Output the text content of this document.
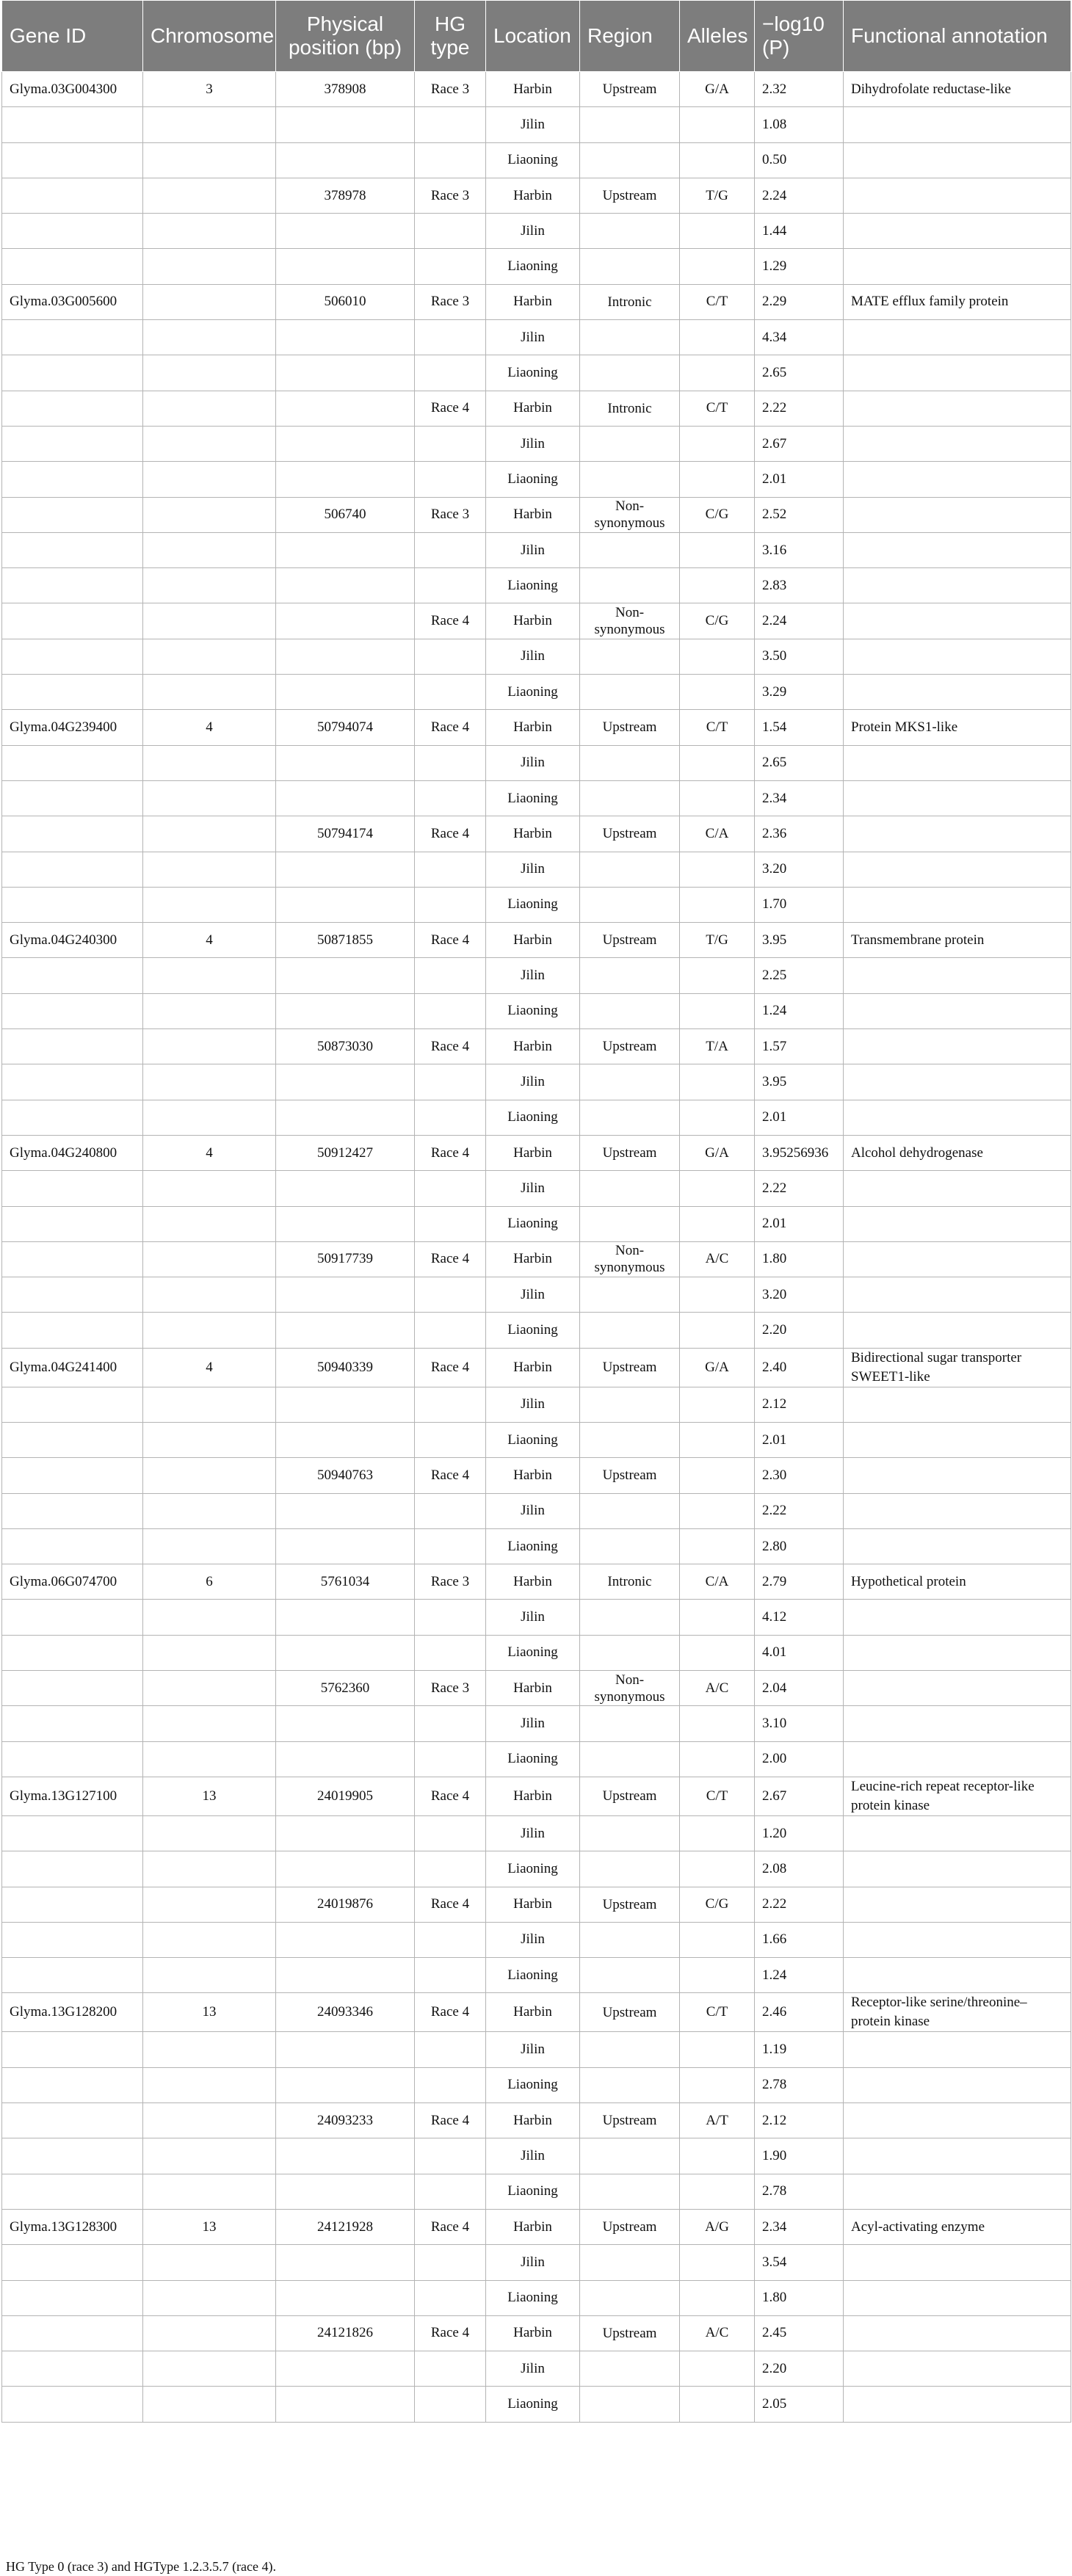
Gene ID	Chromosome	Physical position (bp)	HG type	Location	Region	Alleles	−log10 (P)	Functional annotation
Glyma.03G004300	3	378908	Race 3	Harbin	Upstream	G/A	2.32	Dihydrofolate reductase-like
				Jilin			1.08	
				Liaoning			0.50	
		378978	Race 3	Harbin	Upstream	T/G	2.24	
				Jilin			1.44	
				Liaoning			1.29	
Glyma.03G005600		506010	Race 3	Harbin	Intronic	C/T	2.29	MATE efflux family protein
				Jilin			4.34	
				Liaoning			2.65	
			Race 4	Harbin	Intronic	C/T	2.22	
				Jilin			2.67	
				Liaoning			2.01	
		506740	Race 3	Harbin	Non-synonymous	C/G	2.52	
				Jilin			3.16	
				Liaoning			2.83	
			Race 4	Harbin	Non-synonymous	C/G	2.24	
				Jilin			3.50	
				Liaoning			3.29	
Glyma.04G239400	4	50794074	Race 4	Harbin	Upstream	C/T	1.54	Protein MKS1-like
				Jilin			2.65	
				Liaoning			2.34	
		50794174	Race 4	Harbin	Upstream	C/A	2.36	
				Jilin			3.20	
				Liaoning			1.70	
Glyma.04G240300	4	50871855	Race 4	Harbin	Upstream	T/G	3.95	Transmembrane protein
				Jilin			2.25	
				Liaoning			1.24	
		50873030	Race 4	Harbin	Upstream	T/A	1.57	
				Jilin			3.95	
				Liaoning			2.01	
Glyma.04G240800	4	50912427	Race 4	Harbin	Upstream	G/A	3.95256936	Alcohol dehydrogenase
				Jilin			2.22	
				Liaoning			2.01	
		50917739	Race 4	Harbin	Non-synonymous	A/C	1.80	
				Jilin			3.20	
				Liaoning			2.20	
Glyma.04G241400	4	50940339	Race 4	Harbin	Upstream	G/A	2.40	Bidirectional sugar transporter SWEET1-like
				Jilin			2.12	
				Liaoning			2.01	
		50940763	Race 4	Harbin	Upstream		2.30	
				Jilin			2.22	
				Liaoning			2.80	
Glyma.06G074700	6	5761034	Race 3	Harbin	Intronic	C/A	2.79	Hypothetical protein
				Jilin			4.12	
				Liaoning			4.01	
		5762360	Race 3	Harbin	Non-synonymous	A/C	2.04	
				Jilin			3.10	
				Liaoning			2.00	
Glyma.13G127100	13	24019905	Race 4	Harbin	Upstream	C/T	2.67	Leucine-rich repeat receptor-like protein kinase
				Jilin			1.20	
				Liaoning			2.08	
		24019876	Race 4	Harbin	Upstream	C/G	2.22	
				Jilin			1.66	
				Liaoning			1.24	
Glyma.13G128200	13	24093346	Race 4	Harbin	Upstream	C/T	2.46	Receptor-like serine/threonine–protein kinase
				Jilin			1.19	
				Liaoning			2.78	
		24093233	Race 4	Harbin	Upstream	A/T	2.12	
				Jilin			1.90	
				Liaoning			2.78	
Glyma.13G128300	13	24121928	Race 4	Harbin	Upstream	A/G	2.34	Acyl-activating enzyme
				Jilin			3.54	
				Liaoning			1.80	
		24121826	Race 4	Harbin	Upstream	A/C	2.45	
				Jilin			2.20	
				Liaoning			2.05	
HG Type 0 (race 3) and HGType 1.2.3.5.7 (race 4).
